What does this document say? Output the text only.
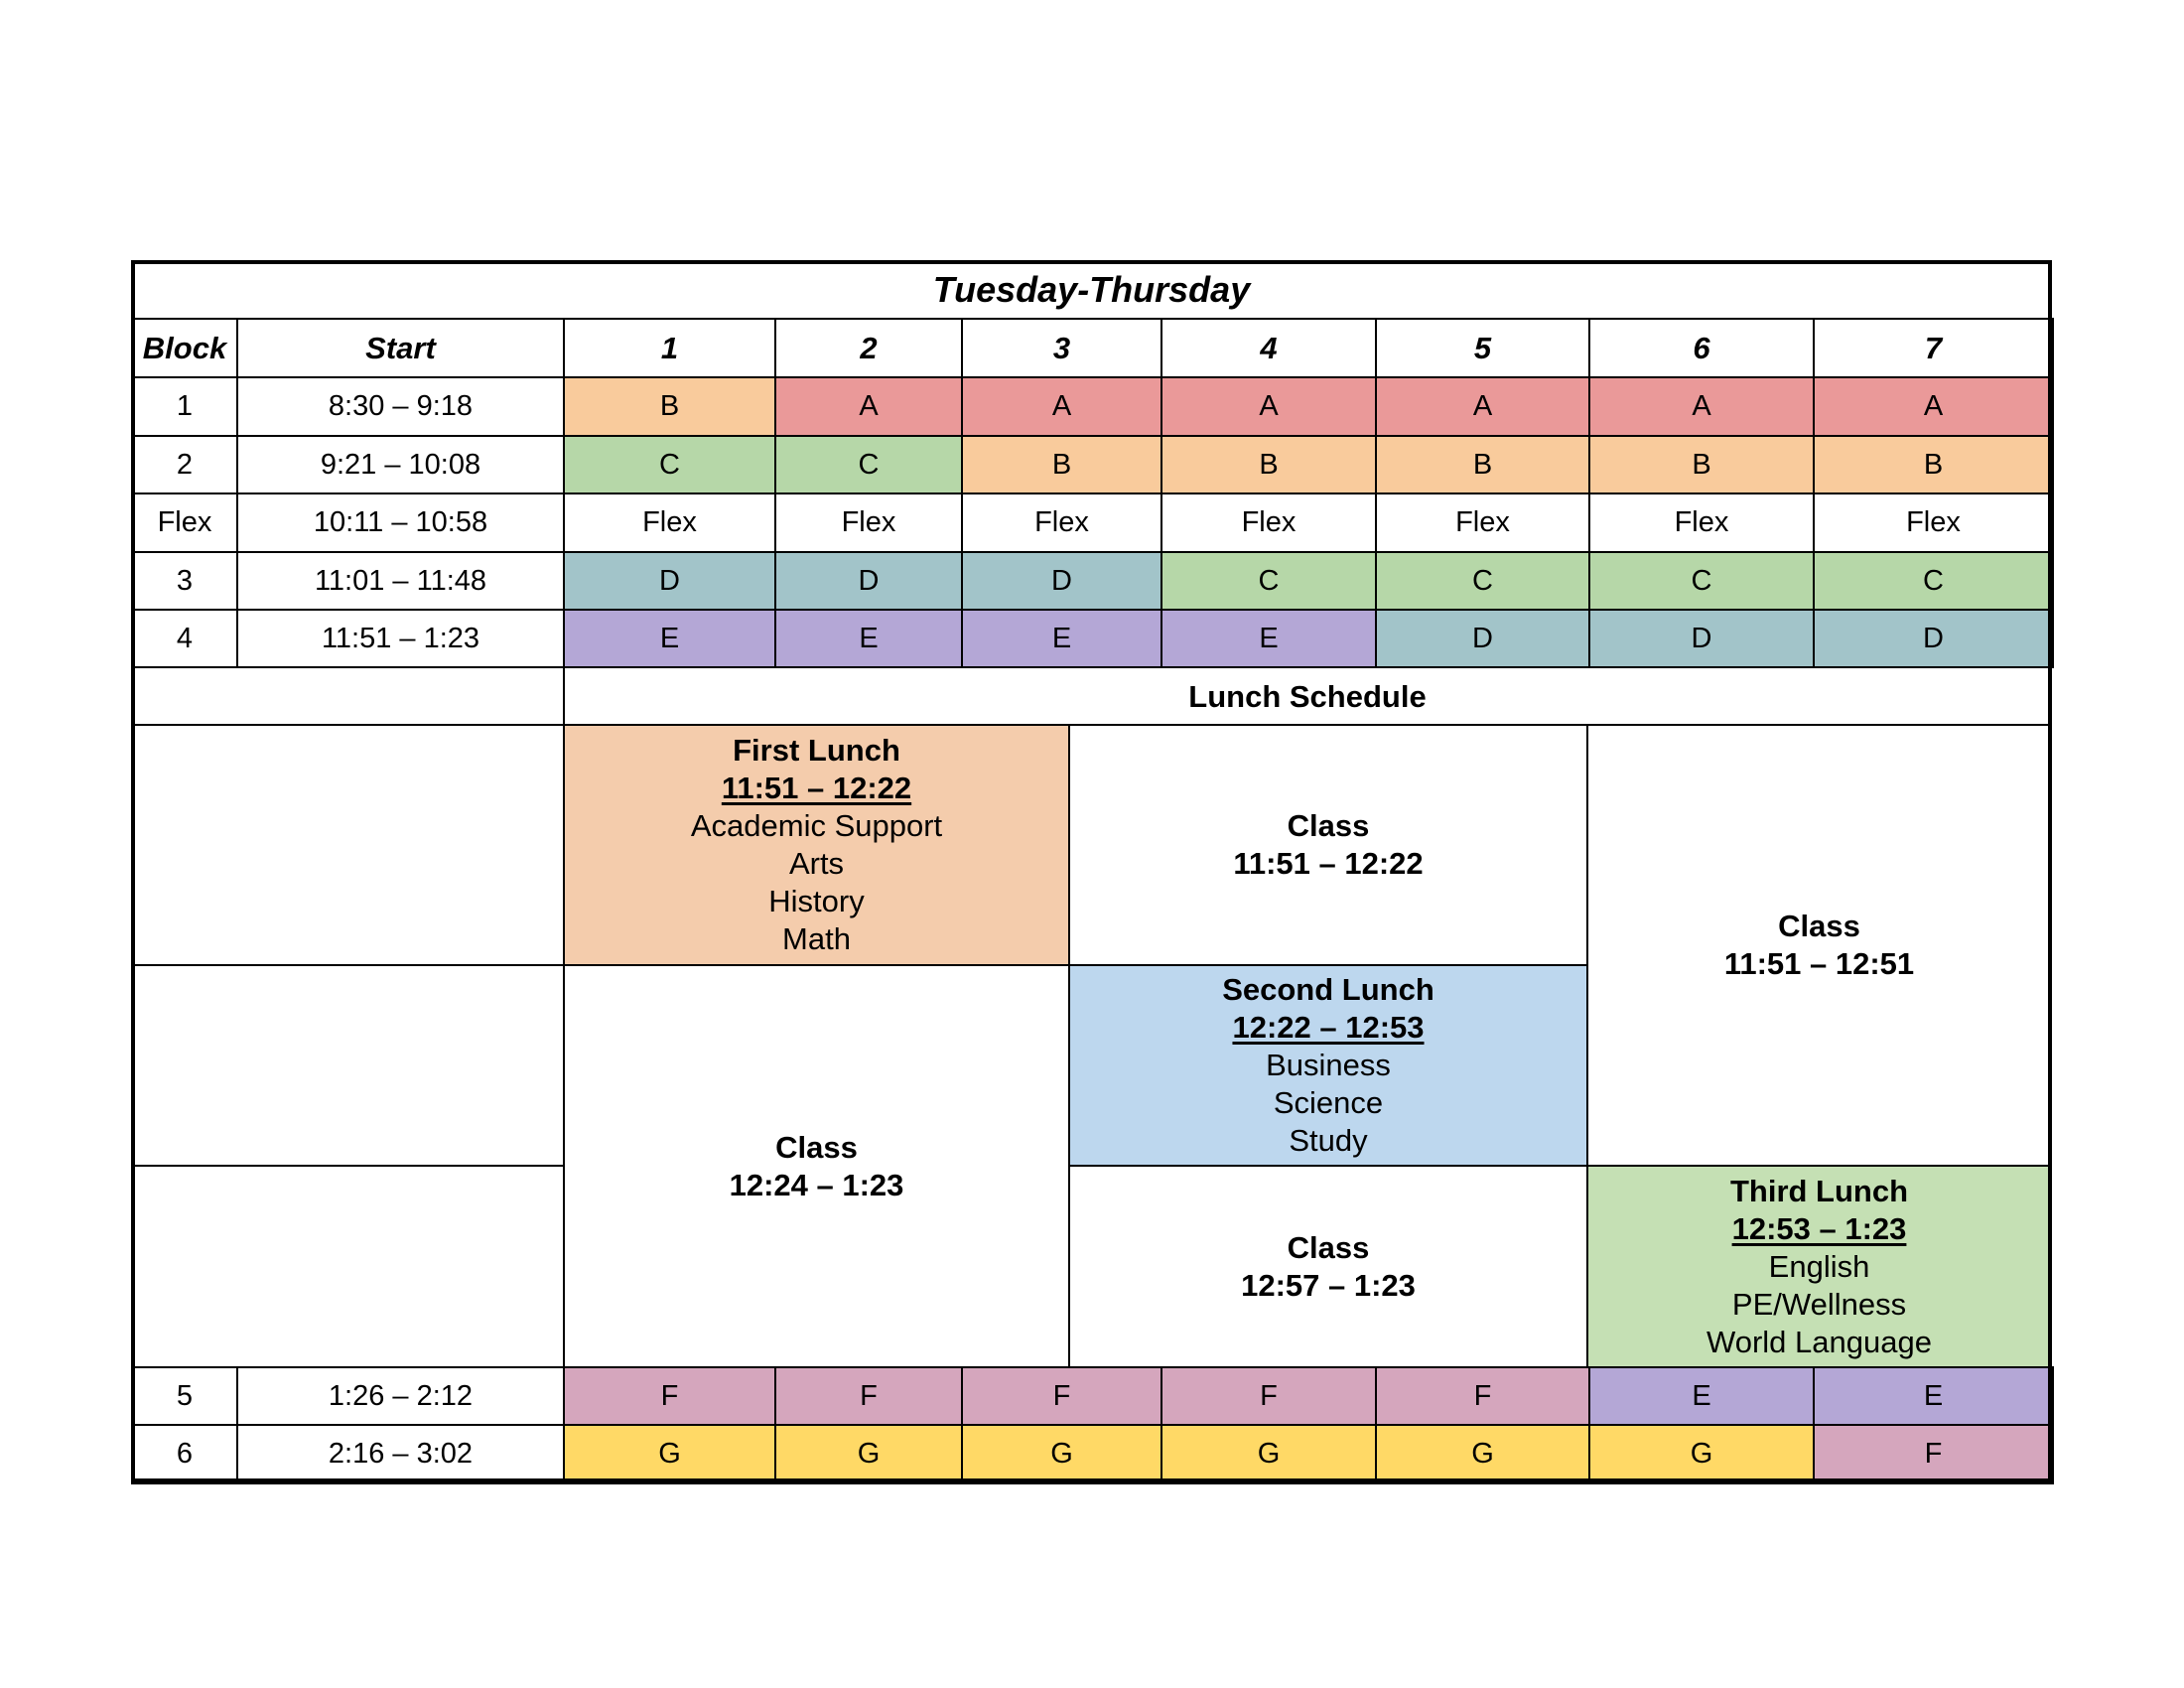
Tuesday-Thursday
Block	Start	1	2	3	4	5	6	7
1	8:30 – 9:18	B	A	A	A	A	A	A
2	9:21 – 10:08	C	C	B	B	B	B	B
Flex	10:11 – 10:58	Flex	Flex	Flex	Flex	Flex	Flex	Flex
3	11:01 – 11:48	D	D	D	C	C	C	C
4	11:51 – 1:23	E	E	E	E	D	D	D
Lunch Schedule
First Lunch
11:51 – 12:22
Academic Support
Arts
History
Math
Class
12:24 – 1:23
Class
11:51 – 12:22
Second Lunch
12:22 – 12:53
Business
Science
Study
Class
12:57 – 1:23
Class
11:51 – 12:51
Third Lunch
12:53 – 1:23
English
PE/Wellness
World Language
5	1:26 – 2:12	F	F	F	F	F	E	E
6	2:16 – 3:02	G	G	G	G	G	G	F
